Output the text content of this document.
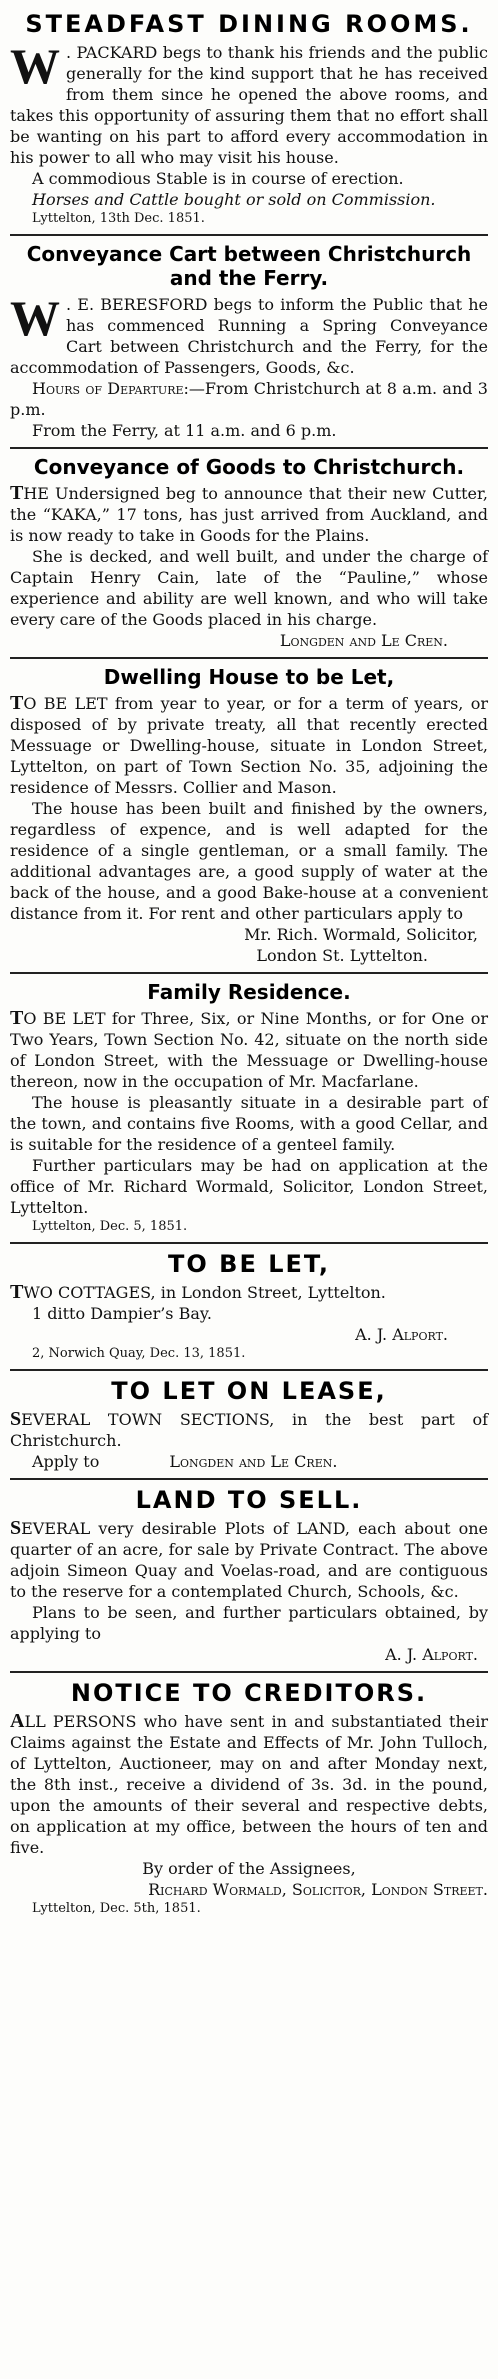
STEADFAST DINING ROOMS.

W . PACKARD begs to thank his friends and the public generally for the kind support that he has received from them since he opened the above rooms, and takes this opportunity of assuring them that no effort shall be wanting on his part to afford every accommodation in his power to all who may visit his house.

A commodious Stable is in course of erection.

Horses and Cattle bought or sold on Commission.

Lyttelton, 13th Dec. 1851.

Conveyance Cart between Christchurch and the Ferry.

W . E. BERESFORD begs to inform the Public that he has commenced Running a Spring Conveyance Cart between Christchurch and the Ferry, for the accommodation of Passengers, Goods, &c.

Hours of Departure:—From Christchurch at 8 a.m. and 3 p.m.

From the Ferry, at 11 a.m. and 6 p.m.

Conveyance of Goods to Christchurch.

THE Undersigned beg to announce that their new Cutter, the “KAKA,” 17 tons, has just arrived from Auckland, and is now ready to take in Goods for the Plains.

She is decked, and well built, and under the charge of Captain Henry Cain, late of the “Pauline,” whose experience and ability are well known, and who will take every care of the Goods placed in his charge.

Longden and Le Cren.

Dwelling House to be Let,

TO BE LET from year to year, or for a term of years, or disposed of by private treaty, all that recently erected Messuage or Dwelling-house, situate in London Street, Lyttelton, on part of Town Section No. 35, adjoining the residence of Messrs. Collier and Mason.

The house has been built and finished by the owners, regardless of expence, and is well adapted for the residence of a single gentleman, or a small family. The additional advantages are, a good supply of water at the back of the house, and a good Bake-house at a convenient distance from it. For rent and other particulars apply to

Mr. Rich. Wormald, Solicitor,

London St. Lyttelton.

Family Residence.

TO BE LET for Three, Six, or Nine Months, or for One or Two Years, Town Section No. 42, situate on the north side of London Street, with the Messuage or Dwelling-house thereon, now in the occupation of Mr. Macfarlane.

The house is pleasantly situate in a desirable part of the town, and contains five Rooms, with a good Cellar, and is suitable for the residence of a genteel family.

Further particulars may be had on application at the office of Mr. Richard Wormald, Solicitor, London Street, Lyttelton.

Lyttelton, Dec. 5, 1851.

TO BE LET,

TWO COTTAGES, in London Street, Lyttelton.

1 ditto Dampier’s Bay.

A. J. Alport.

2, Norwich Quay, Dec. 13, 1851.

TO LET ON LEASE,

SEVERAL TOWN SECTIONS, in the best part of Christchurch.

Apply to	Longden and Le Cren.

LAND TO SELL.

SEVERAL very desirable Plots of LAND, each about one quarter of an acre, for sale by Private Contract. The above adjoin Simeon Quay and Voelas-road, and are contiguous to the reserve for a contemplated Church, Schools, &c.

Plans to be seen, and further particulars obtained, by applying to

A. J. Alport.

NOTICE TO CREDITORS.

ALL PERSONS who have sent in and substantiated their Claims against the Estate and Effects of Mr. John Tulloch, of Lyttelton, Auctioneer, may on and after Monday next, the 8th inst., receive a dividend of 3s. 3d. in the pound, upon the amounts of their several and respective debts, on application at my office, between the hours of ten and five.

By order of the Assignees,

Richard Wormald, Solicitor, London Street.

Lyttelton, Dec. 5th, 1851.
